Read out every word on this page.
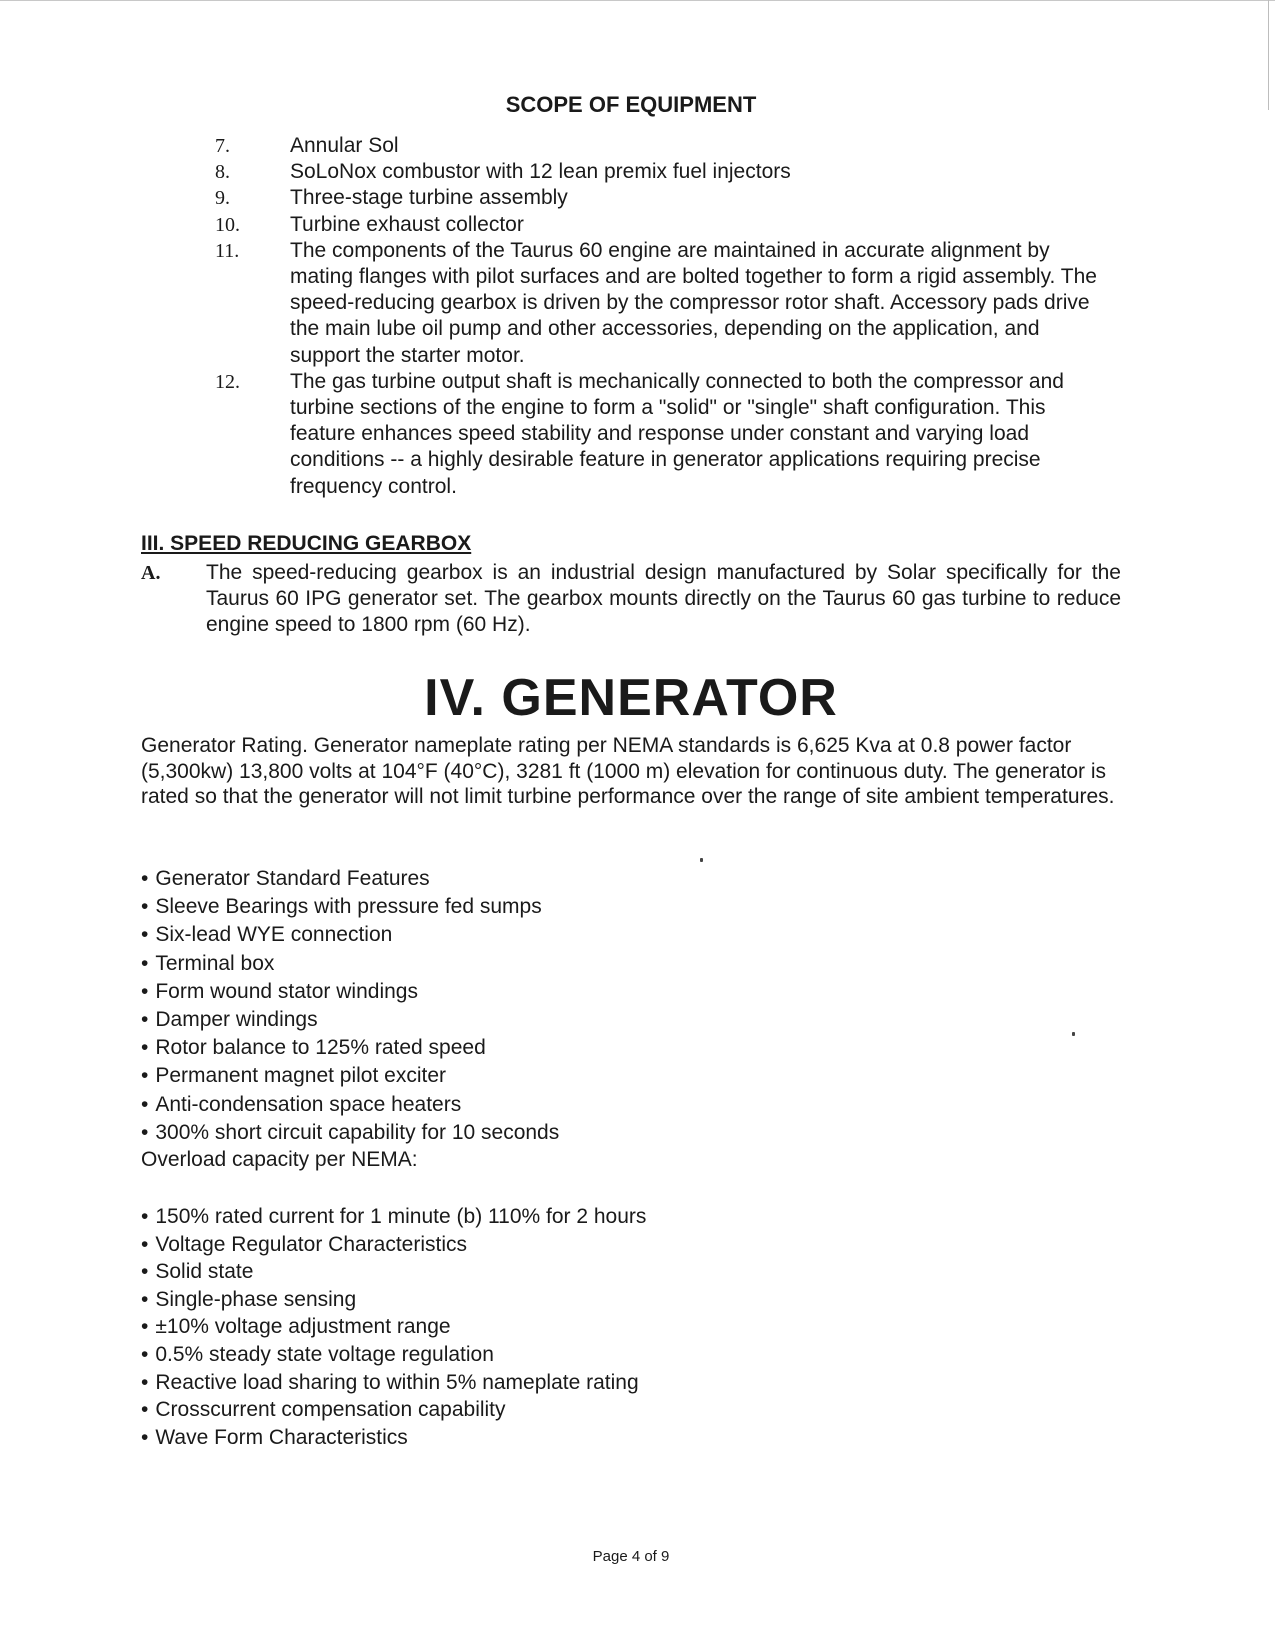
SCOPE OF EQUIPMENT
7.	Annular Sol
8.	SoLoNox combustor with 12 lean premix fuel injectors
9.	Three-stage turbine assembly
10.	Turbine exhaust collector
11.	The components of the Taurus 60 engine are maintained in accurate alignment by mating flanges with pilot surfaces and are bolted together to form a rigid assembly. The speed-reducing gearbox is driven by the compressor rotor shaft. Accessory pads drive the main lube oil pump and other accessories, depending on the application, and support the starter motor.
12.	The gas turbine output shaft is mechanically connected to both the compressor and turbine sections of the engine to form a "solid" or "single" shaft configuration. This feature enhances speed stability and response under constant and varying load conditions -- a highly desirable feature in generator applications requiring precise frequency control.
III. SPEED REDUCING GEARBOX
A.	The speed-reducing gearbox is an industrial design manufactured by Solar specifically for the Taurus 60 IPG generator set. The gearbox mounts directly on the Taurus 60 gas turbine to reduce engine speed to 1800 rpm (60 Hz).
IV. GENERATOR

Generator Rating. Generator nameplate rating per NEMA standards is 6,625 Kva at 0.8 power factor (5,300kw) 13,800 volts at 104°F (40°C), 3281 ft (1000 m) elevation for continuous duty. The generator is rated so that the generator will not limit turbine performance over the range of site ambient temperatures.

• Generator Standard Features
• Sleeve Bearings with pressure fed sumps
• Six-lead WYE connection
• Terminal box
• Form wound stator windings
• Damper windings
• Rotor balance to 125% rated speed
• Permanent magnet pilot exciter
• Anti-condensation space heaters
• 300% short circuit capability for 10 seconds
Overload capacity per NEMA:
• 150% rated current for 1 minute (b) 110% for 2 hours
• Voltage Regulator Characteristics
• Solid state
• Single-phase sensing
• ±10% voltage adjustment range
• 0.5% steady state voltage regulation
• Reactive load sharing to within 5% nameplate rating
• Crosscurrent compensation capability
• Wave Form Characteristics
Page 4 of 9
